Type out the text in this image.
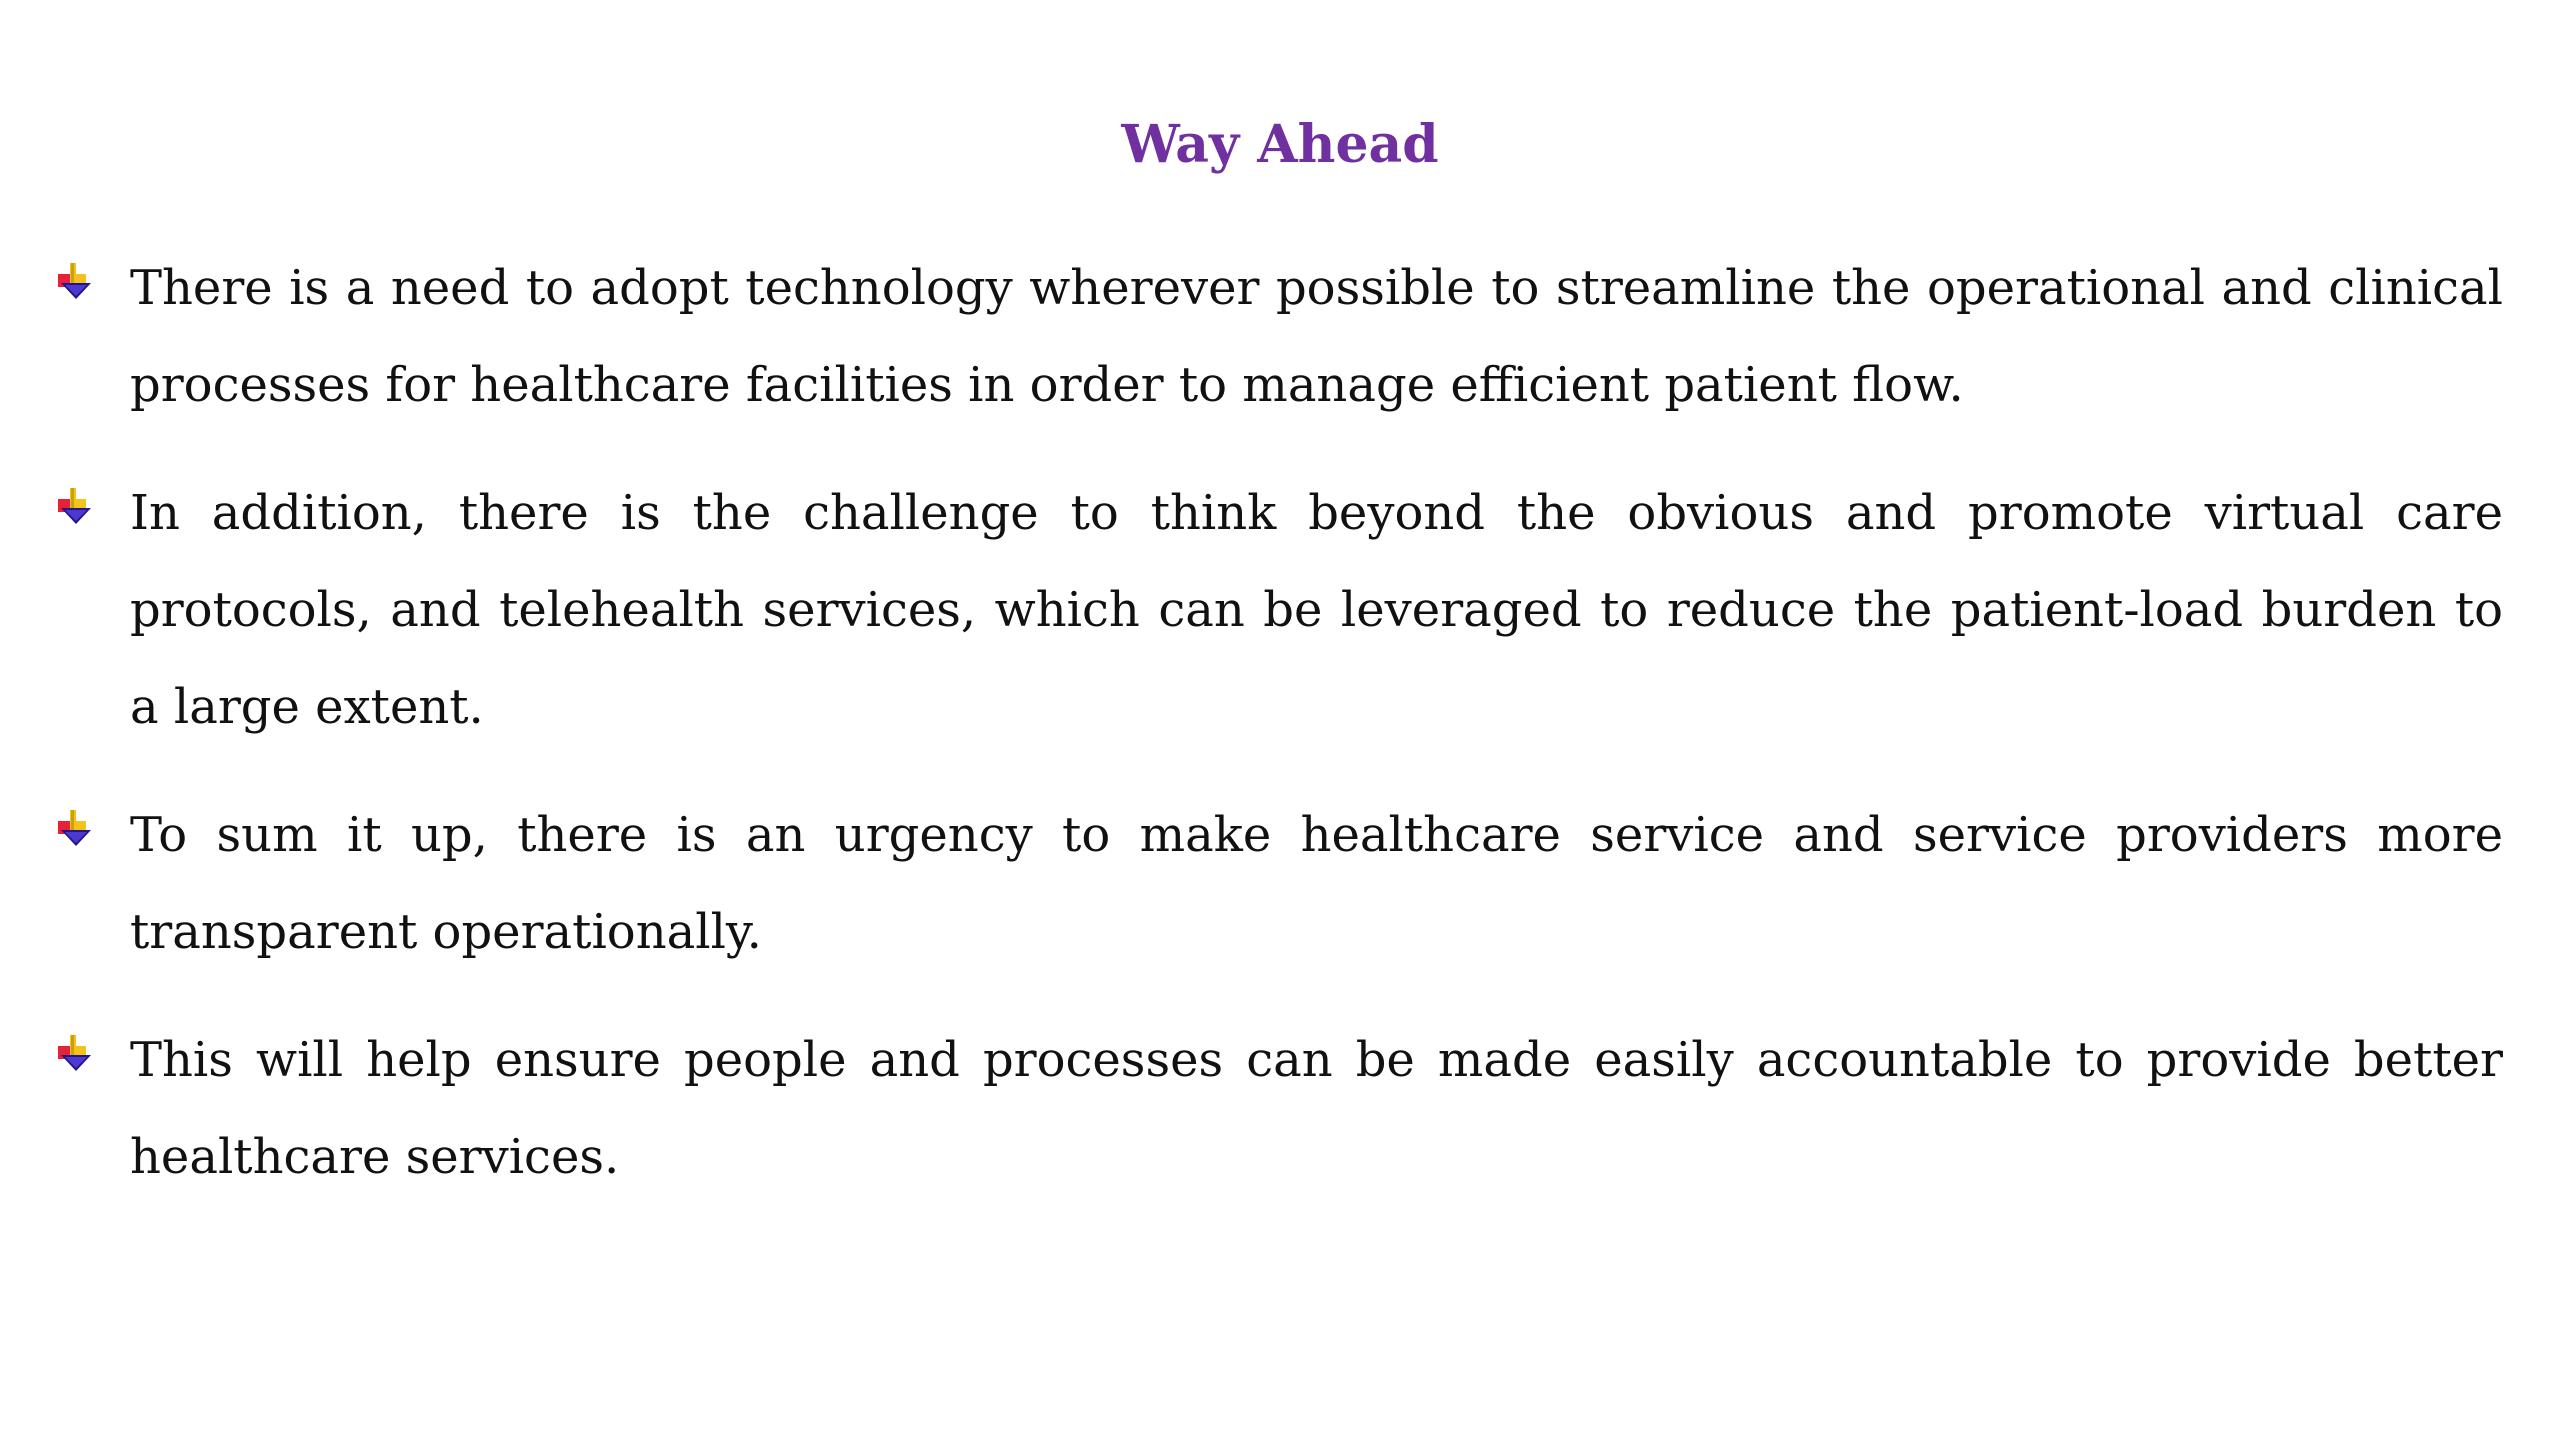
Way Ahead

There is a need to adopt technology wherever possible to streamline the operational and clinical processes for healthcare facilities in order to manage efficient patient flow.

In addition, there is the challenge to think beyond the obvious and promote virtual care protocols, and telehealth services, which can be leveraged to reduce the patient-load burden to a large extent.

To sum it up, there is an urgency to make healthcare service and service providers more transparent operationally.

This will help ensure people and processes can be made easily accountable to provide better healthcare services.
